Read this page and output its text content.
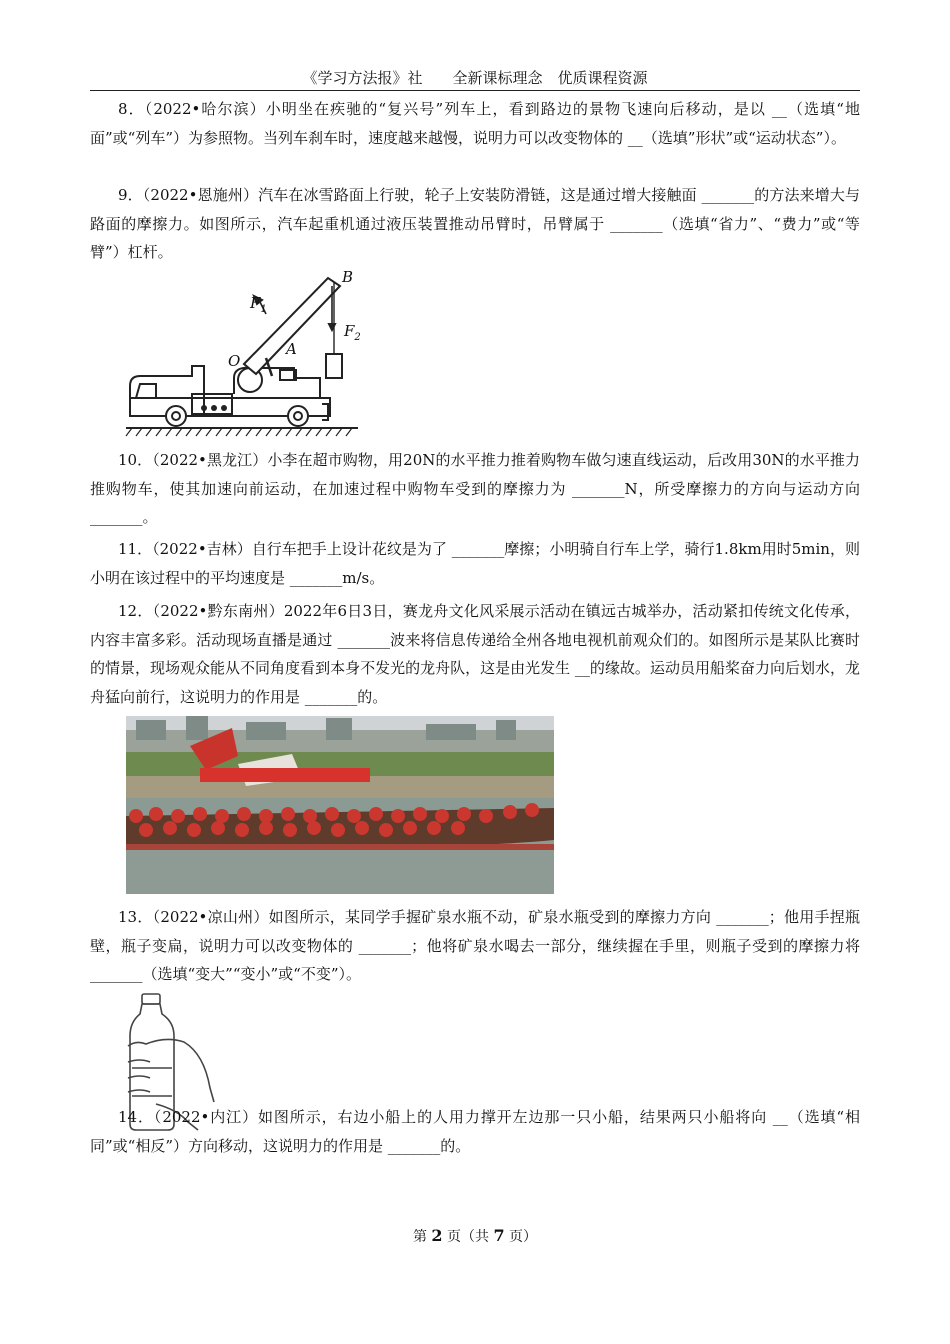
《学习方法报》社　　全新课标理念　优质课程资源
8．（2022•哈尔滨）小明坐在疾驰的“复兴号”列车上，看到路边的景物飞速向后移动，是以 __（选填“地面”或“列车”）为参照物。当列车刹车时，速度越来越慢，说明力可以改变物体的 __（选填”形状”或“运动状态”）。
9．（2022•恩施州）汽车在冰雪路面上行驶，轮子上安装防滑链，这是通过增大接触面 _______的方法来增大与路面的摩擦力。如图所示，汽车起重机通过液压装置推动吊臂时，吊臂属于 _______（选填“省力”、“费力”或“等臂”）杠杆。
B
$F_1$
$F_2$
O
A
10．（2022•黑龙江）小李在超市购物，用20N的水平推力推着购物车做匀速直线运动，后改用30N的水平推力推购物车，使其加速向前运动，在加速过程中购物车受到的摩擦力为 _______N，所受摩擦力的方向与运动方向 _______。
11．（2022•吉林）自行车把手上设计花纹是为了 _______摩擦；小明骑自行车上学，骑行1.8km用时5min，则小明在该过程中的平均速度是 _______m/s。
12．（2022•黔东南州）2022年6日3日，赛龙舟文化风采展示活动在镇远古城举办，活动紧扣传统文化传承，内容丰富多彩。活动现场直播是通过 _______波来将信息传递给全州各地电视机前观众们的。如图所示是某队比赛时的情景，现场观众能从不同角度看到本身不发光的龙舟队，这是由光发生 __的缘故。运动员用船桨奋力向后划水，龙舟猛向前行，这说明力的作用是 _______的。
13．（2022•凉山州）如图所示，某同学手握矿泉水瓶不动，矿泉水瓶受到的摩擦力方向 _______；他用手捏瓶壁，瓶子变扁，说明力可以改变物体的 _______；他将矿泉水喝去一部分，继续握在手里，则瓶子受到的摩擦力将 _______（选填“变大”“变小”或“不变”）。
14．（2022•内江）如图所示，右边小船上的人用力撑开左边那一只小船，结果两只小船将向 __（选填“相同”或“相反”）方向移动，这说明力的作用是 _______的。
第 2 页（共 7 页）
